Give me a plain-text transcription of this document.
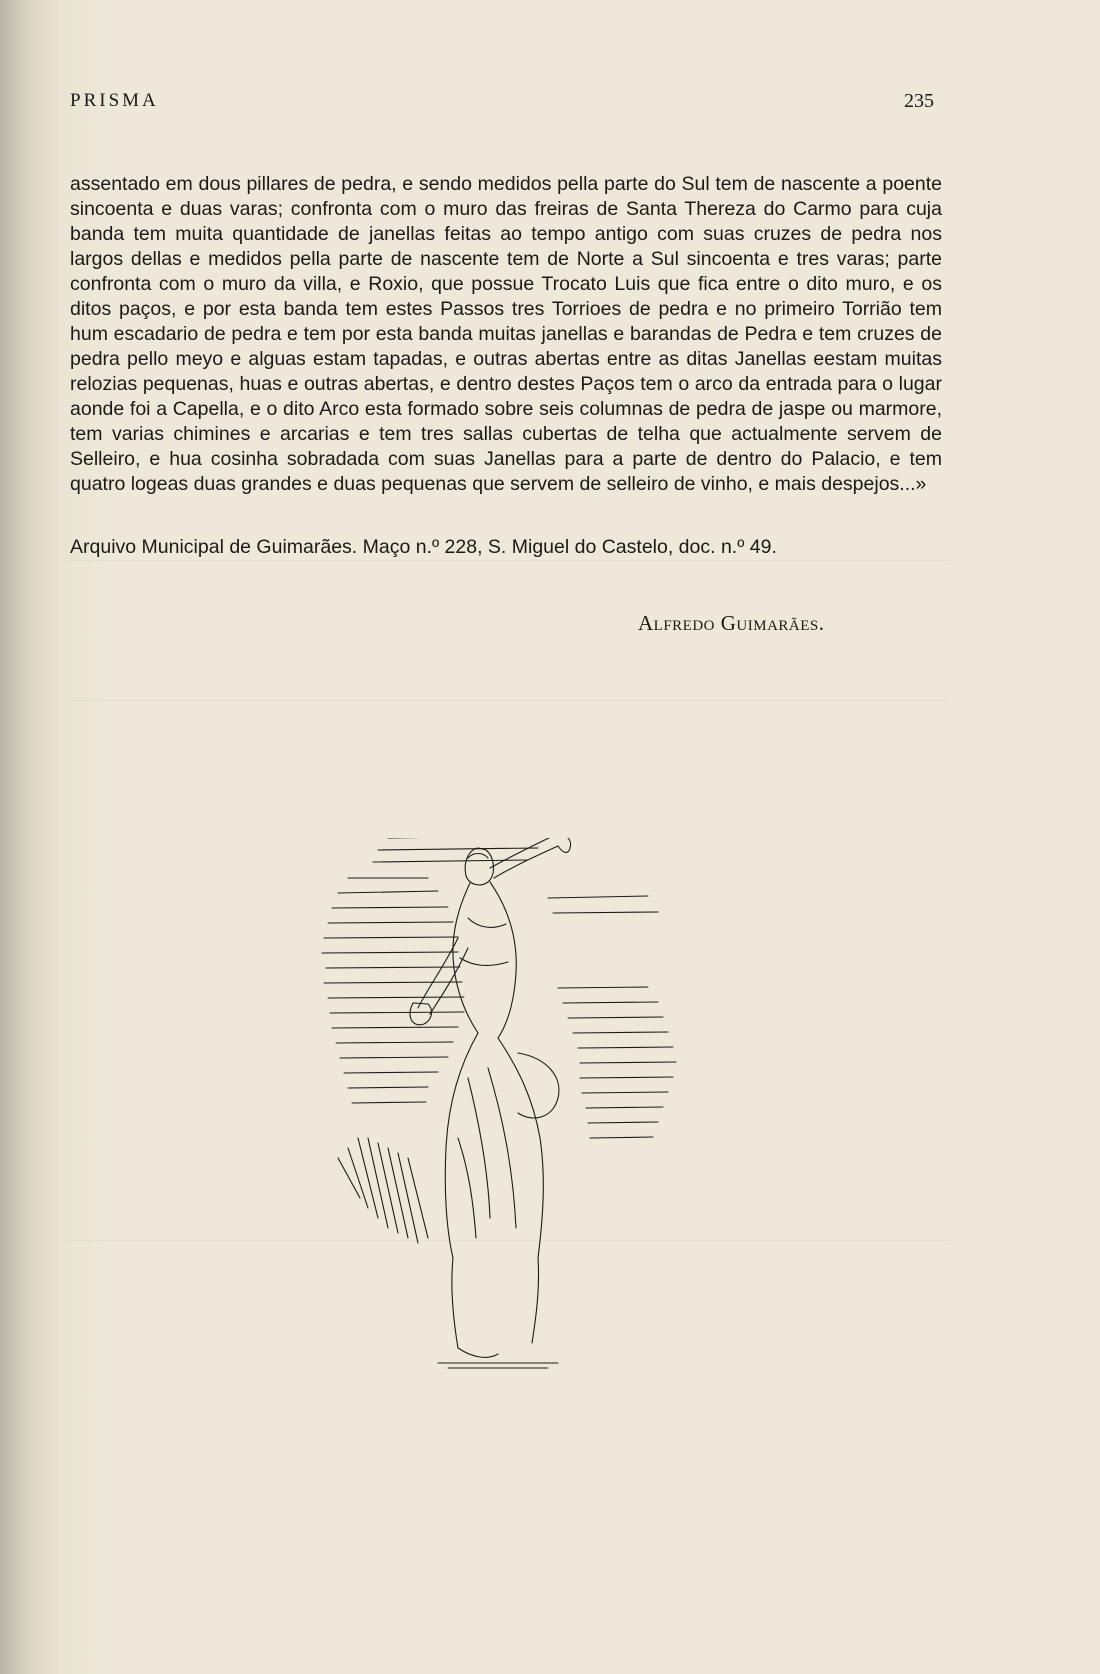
PRISMA	235

assentado em dous pillares de pedra, e sendo medidos pella parte do Sul tem de nascente a poente sincoenta e duas varas; confronta com o muro das freiras de Santa Thereza do Carmo para cuja banda tem muita quantidade de janellas feitas ao tempo antigo com suas cruzes de pedra nos largos dellas e medidos pella parte de nascente tem de Norte a Sul sincoenta e tres varas; parte confronta com o muro da villa, e Roxio, que possue Trocato Luis que fica entre o dito muro, e os ditos paços, e por esta banda tem estes Passos tres Torrioes de pedra e no primeiro Torrião tem hum escadario de pedra e tem por esta banda muitas janellas e barandas de Pedra e tem cruzes de pedra pello meyo e alguas estam tapadas, e outras abertas entre as ditas Janellas eestam muitas relozias pequenas, huas e outras abertas, e dentro destes Paços tem o arco da entrada para o lugar aonde foi a Capella, e o dito Arco esta formado sobre seis columnas de pedra de jaspe ou marmore, tem varias chimines e arcarias e tem tres sallas cubertas de telha que actualmente servem de Selleiro, e hua cosinha sobradada com suas Janellas para a parte de dentro do Palacio, e tem quatro logeas duas grandes e duas pequenas que servem de selleiro de vinho, e mais despejos...»

Arquivo Municipal de Guimarães. Maço n.º 228, S. Miguel do Castelo, doc. n.º 49.
Alfredo Guimarães.
